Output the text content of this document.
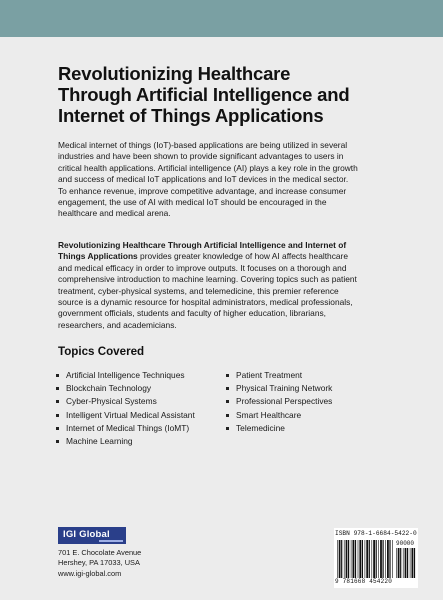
Revolutionizing Healthcare
Through Artificial Intelligence and
Internet of Things Applications
Medical internet of things (IoT)-based applications are being utilized in several
industries and have been shown to provide significant advantages to users in
critical health applications. Artificial intelligence (AI) plays a key role in the growth
and success of medical IoT applications and IoT devices in the medical sector.
To enhance revenue, improve competitive advantage, and increase consumer
engagement, the use of AI with medical IoT should be encouraged in the
healthcare and medical arena.
Revolutionizing Healthcare Through Artificial Intelligence and Internet of
Things Applications provides greater knowledge of how AI affects healthcare
and medical efficacy in order to improve outputs. It focuses on a thorough and
comprehensive introduction to machine learning. Covering topics such as patient
treatment, cyber-physical systems, and telemedicine, this premier reference
source is a dynamic resource for hospital administrators, medical professionals,
government officials, students and faculty of higher education, librarians,
researchers, and academicians.
Topics Covered
Artificial Intelligence Techniques
Blockchain Technology
Cyber-Physical Systems
Intelligent Virtual Medical Assistant
Internet of Medical Things (IoMT)
Machine Learning
Patient Treatment
Physical Training Network
Professional Perspectives
Smart Healthcare
Telemedicine
IGI Global
701 E. Chocolate Avenue
Hershey, PA 17033, USA
www.igi-global.com
ISBN 978-1-6684-5422-0
90000
9 781668 454220
